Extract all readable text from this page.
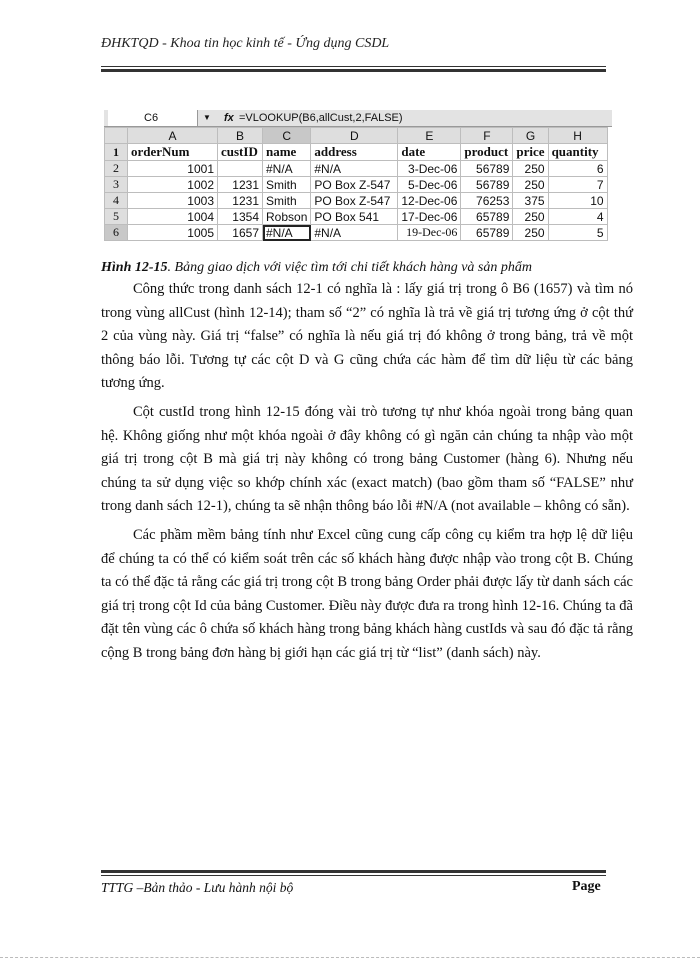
ĐHKTQD - Khoa tin học kinh tế - Ứng dụng CSDL
C6	▼ fx =VLOOKUP(B6,allCust,2,FALSE)
	A	B	C	D	E	F	G	H
1	orderNum	custID	name	address	date	product	price	quantity
2	1001		#N/A	#N/A	3-Dec-06	56789	250	6
3	1002	1231	Smith	PO Box Z-547	5-Dec-06	56789	250	7
4	1003	1231	Smith	PO Box Z-547	12-Dec-06	76253	375	10
5	1004	1354	Robson	PO Box 541	17-Dec-06	65789	250	4
6	1005	1657	#N/A	#N/A	19-Dec-06	65789	250	5
Hình 12-15. Bảng giao dịch với việc tìm tới chi tiết khách hàng và sản phẩm

Công thức trong danh sách 12-1 có nghĩa là : lấy giá trị trong ô B6 (1657) và tìm nó trong vùng allCust (hình 12-14); tham số “2” có nghĩa là trả về giá trị tương ứng ở cột thứ 2 của vùng này. Giá trị “false” có nghĩa là nếu giá trị đó không ở trong bảng, trả về một thông báo lỗi. Tương tự các cột D và G cũng chứa các hàm để tìm dữ liệu từ các bảng tương ứng.

Cột custId trong hình 12-15 đóng vài trò tương tự như khóa ngoài trong bảng quan hệ. Không giống như một khóa ngoài ở đây không có gì ngăn cản chúng ta nhập vào một giá trị trong cột B mà giá trị này không có trong bảng Customer (hàng 6). Nhưng nếu chúng ta sử dụng việc so khớp chính xác (exact match) (bao gồm tham số “FALSE” như trong danh sách 12-1), chúng ta sẽ nhận thông báo lỗi #N/A (not available – không có sẵn).

Các phầm mềm bảng tính như Excel cũng cung cấp công cụ kiểm tra hợp lệ dữ liệu để chúng ta có thể có kiểm soát trên các số khách hàng được nhập vào trong cột B. Chúng ta có thể đặc tả rằng các giá trị trong cột B trong bảng Order phải được lấy từ danh sách các giá trị trong cột Id của bảng Customer. Điều này được đưa ra trong hình 12-16. Chúng ta đã đặt tên vùng các ô chứa số khách hàng trong bảng khách hàng custIds và sau đó đặc tả rằng cộng B trong bảng đơn hàng bị giới hạn các giá trị từ “list” (danh sách) này.

TTTG –Bản thảo - Lưu hành nội bộ	Page
